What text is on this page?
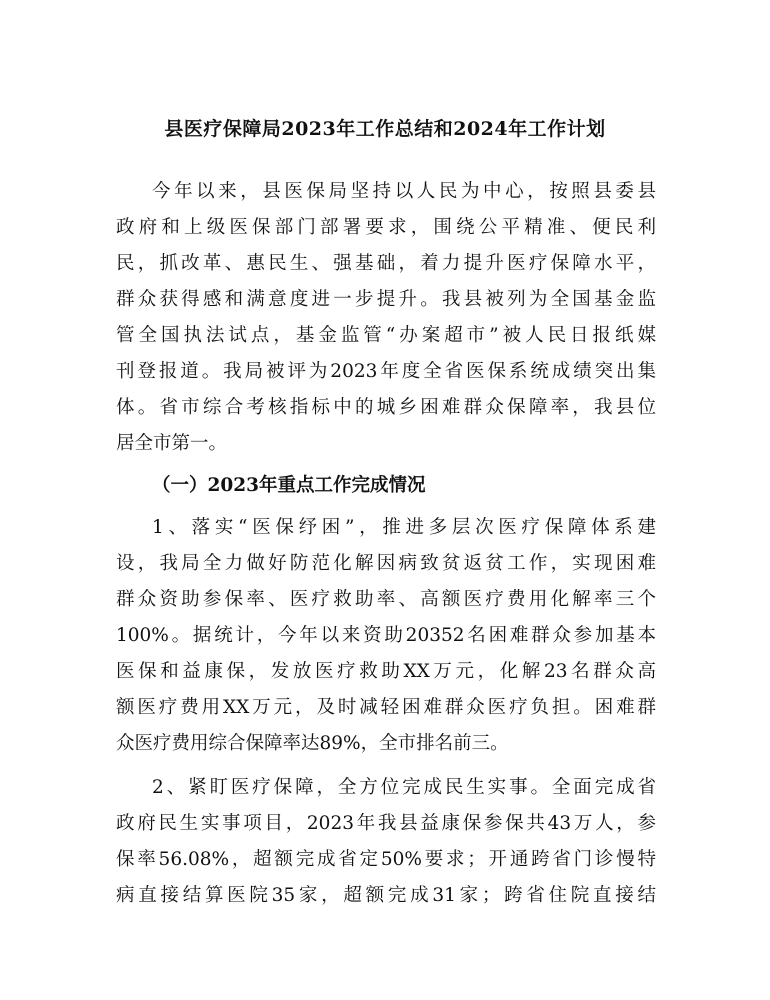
县医疗保障局2023年工作总结和2024年工作计划

今年以来，县医保局坚持以人民为中心，按照县委县

政府和上级医保部门部署要求，围绕公平精准、便民利

民，抓改革、惠民生、强基础，着力提升医疗保障水平，

群众获得感和满意度进一步提升。我县被列为全国基金监

管全国执法试点，基金监管“办案超市”被人民日报纸媒

刊登报道。我局被评为2023年度全省医保系统成绩突出集

体。省市综合考核指标中的城乡困难群众保障率，我县位

居全市第一。

（一）2023年重点工作完成情况

1、落实“医保纾困”，推进多层次医疗保障体系建

设，我局全力做好防范化解因病致贫返贫工作，实现困难

群众资助参保率、医疗救助率、高额医疗费用化解率三个

100%。据统计，今年以来资助20352名困难群众参加基本

医保和益康保，发放医疗救助XX万元，化解23名群众高

额医疗费用XX万元，及时减轻困难群众医疗负担。困难群

众医疗费用综合保障率达89%，全市排名前三。

2、紧盯医疗保障，全方位完成民生实事。全面完成省

政府民生实事项目，2023年我县益康保参保共43万人，参

保率56.08%，超额完成省定50%要求；开通跨省门诊慢特

病直接结算医院35家，超额完成31家；跨省住院直接结
